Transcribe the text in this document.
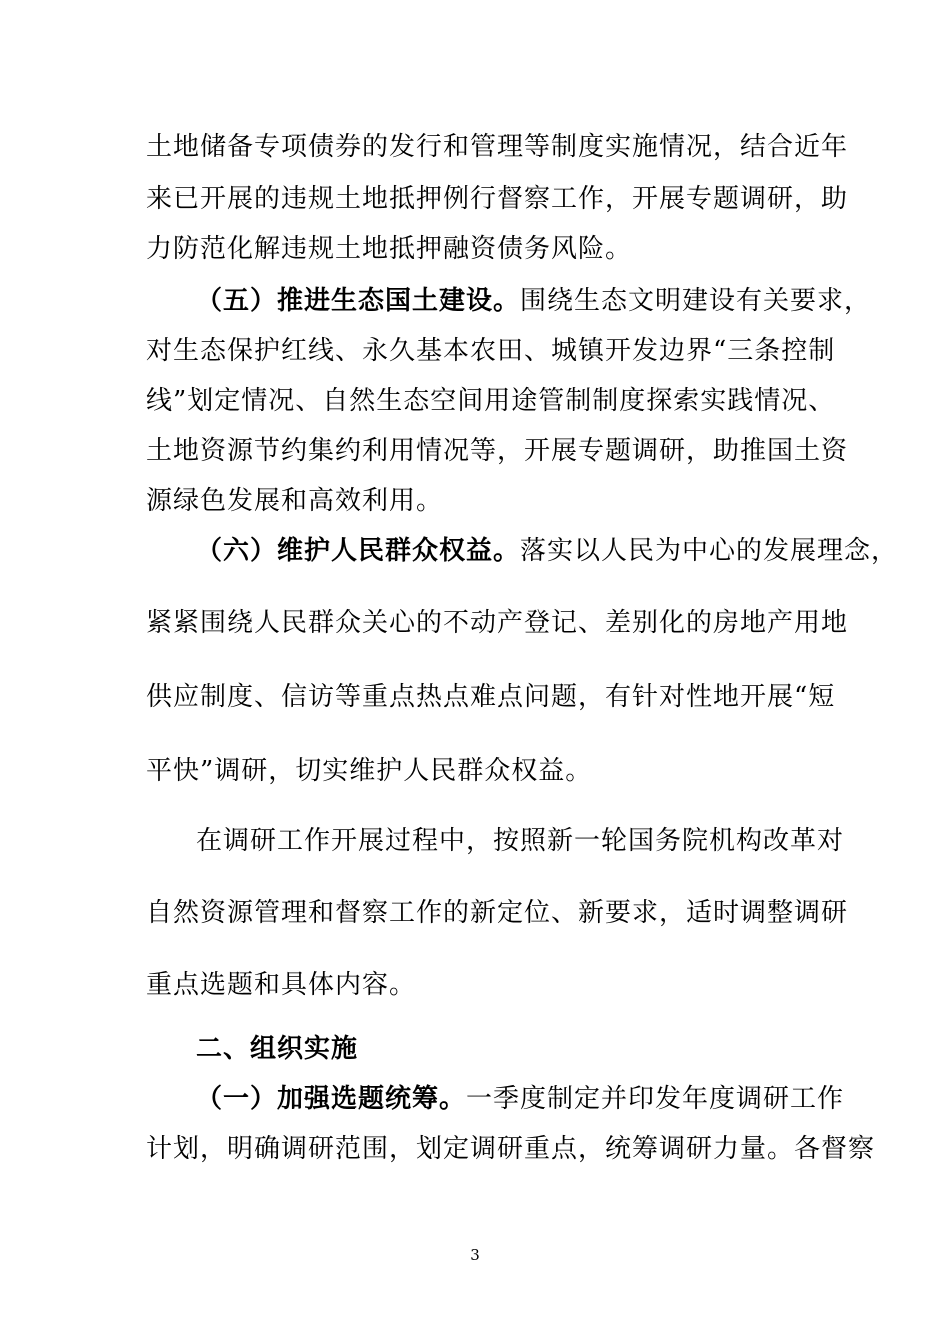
土地储备专项债券的发行和管理等制度实施情况，结合近年
来已开展的违规土地抵押例行督察工作，开展专题调研，助
力防范化解违规土地抵押融资债务风险。
（五）推进生态国土建设。围绕生态文明建设有关要求，
对生态保护红线、永久基本农田、城镇开发边界“三条控制
线”划定情况、自然生态空间用途管制制度探索实践情况、
土地资源节约集约利用情况等，开展专题调研，助推国土资
源绿色发展和高效利用。
（六）维护人民群众权益。落实以人民为中心的发展理念，
紧紧围绕人民群众关心的不动产登记、差别化的房地产用地
供应制度、信访等重点热点难点问题，有针对性地开展“短
平快”调研，切实维护人民群众权益。
在调研工作开展过程中，按照新一轮国务院机构改革对
自然资源管理和督察工作的新定位、新要求，适时调整调研
重点选题和具体内容。
二、组织实施
（一）加强选题统筹。一季度制定并印发年度调研工作
计划，明确调研范围，划定调研重点，统筹调研力量。各督察
3
